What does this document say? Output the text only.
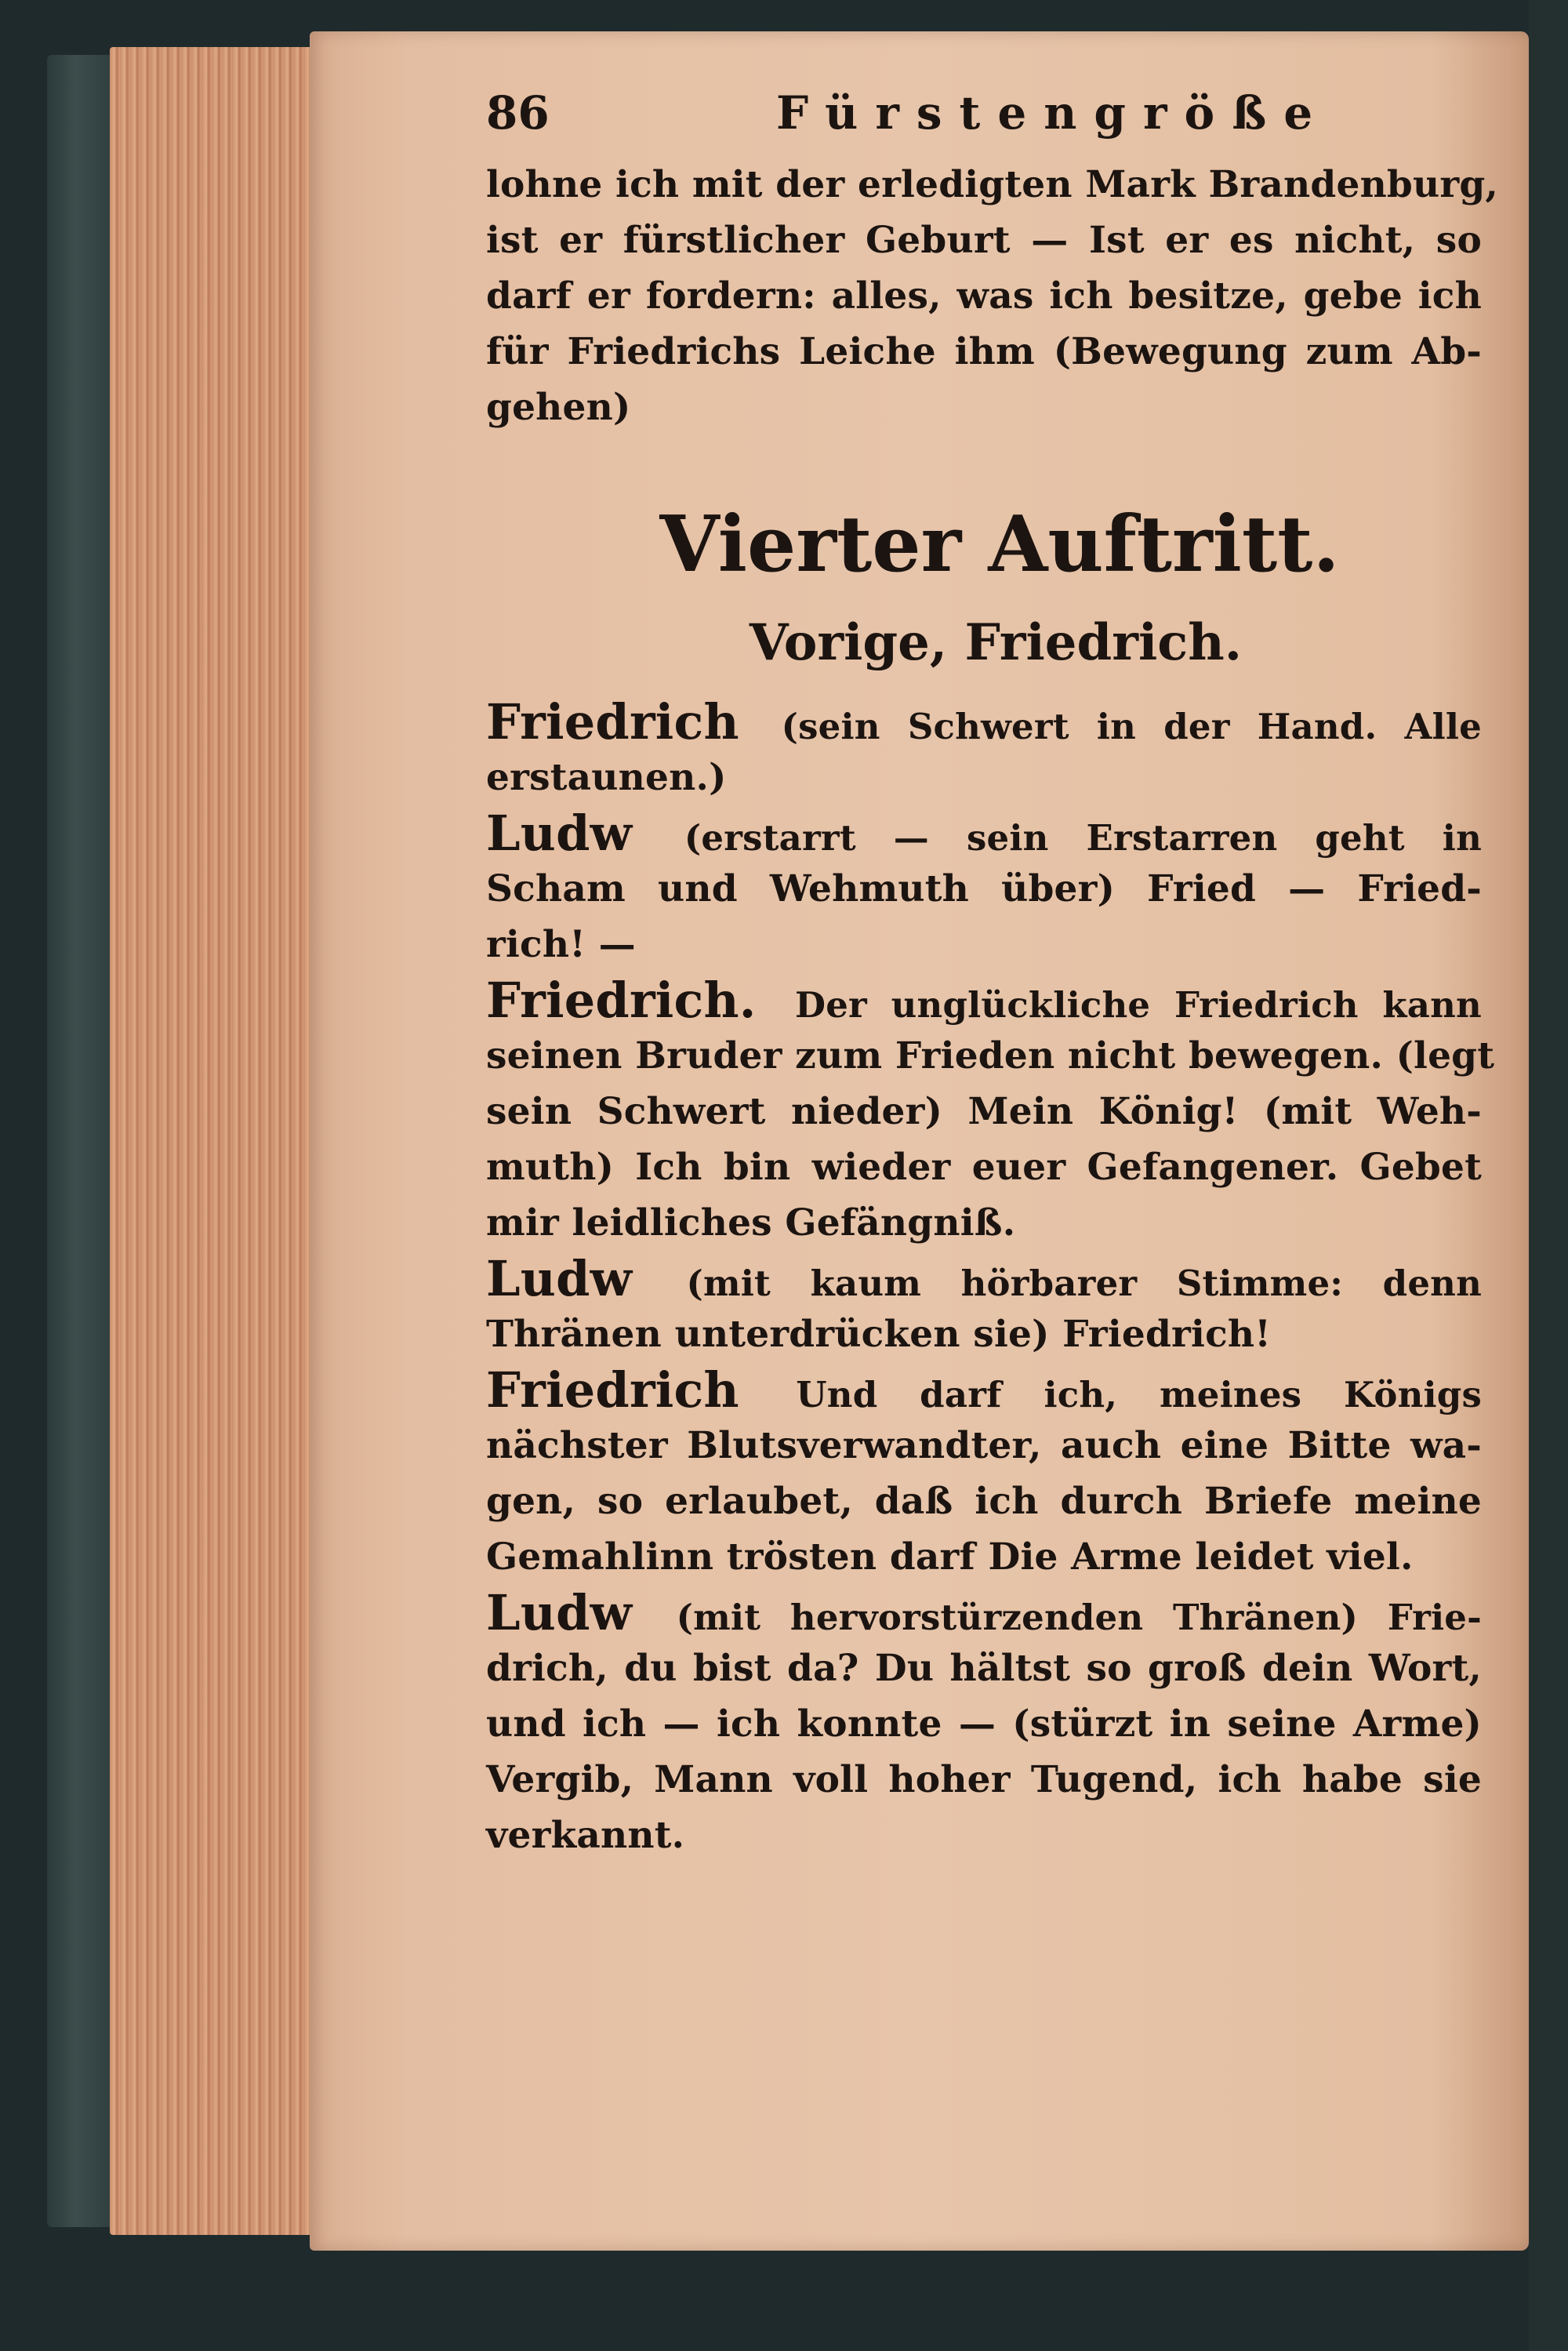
86	Fürstengröße
lohne ich mit der erledigten Mark Brandenburg,
ist er fürstlicher Geburt — Ist er es nicht, so
darf er fordern: alles, was ich besitze, gebe ich
für Friedrichs Leiche ihm (Bewegung zum Ab-
gehen)
Vierter Auftritt.
Vorige, Friedrich.
Friedrich (sein Schwert in der Hand. Alle
erstaunen.)
Ludw (erstarrt — sein Erstarren geht in
Scham und Wehmuth über) Fried — Fried-
rich! —
Friedrich. Der unglückliche Friedrich kann
seinen Bruder zum Frieden nicht bewegen. (legt
sein Schwert nieder) Mein König! (mit Weh-
muth) Ich bin wieder euer Gefangener. Gebet
mir leidliches Gefängniß.
Ludw (mit kaum hörbarer Stimme: denn
Thränen unterdrücken sie) Friedrich!
Friedrich Und darf ich, meines Königs
nächster Blutsverwandter, auch eine Bitte wa-
gen, so erlaubet, daß ich durch Briefe meine
Gemahlinn trösten darf Die Arme leidet viel.
Ludw (mit hervorstürzenden Thränen) Frie-
drich, du bist da? Du hältst so groß dein Wort,
und ich — ich konnte — (stürzt in seine Arme)
Vergib, Mann voll hoher Tugend, ich habe sie
verkannt.
